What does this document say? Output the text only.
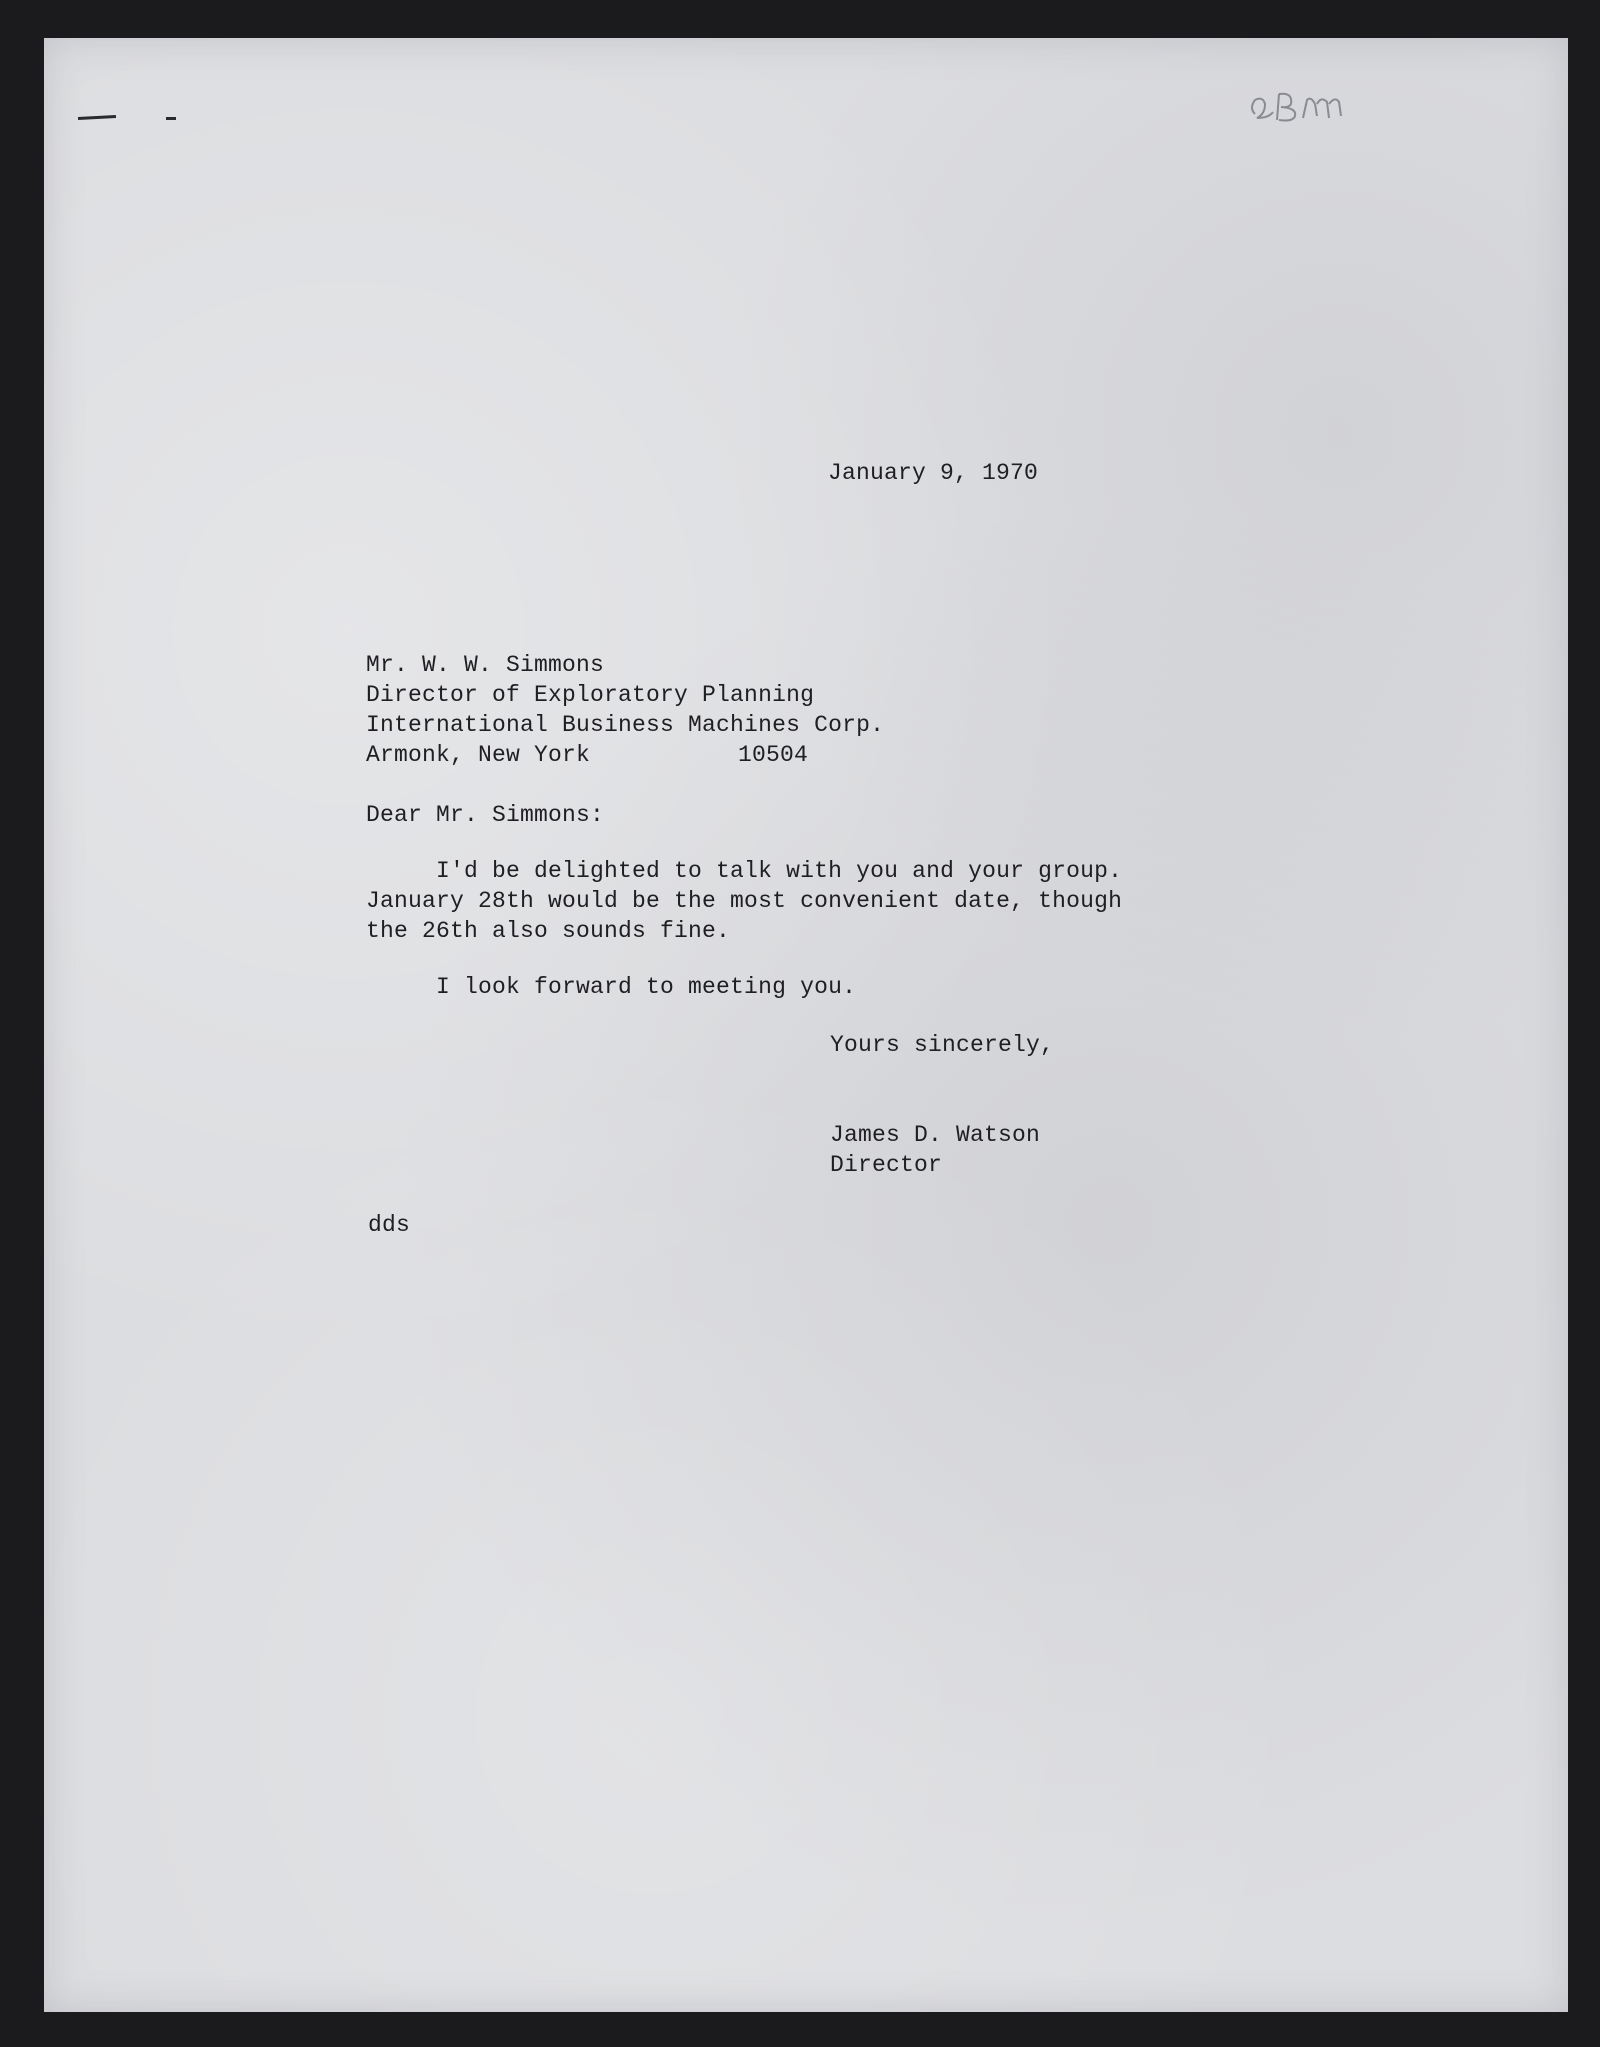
January 9, 1970

Mr. W. W. Simmons

Director of Exploratory Planning

International Business Machines Corp.

Armonk, New York	10504

Dear Mr. Simmons:

I'd be delighted to talk with you and your group.

January 28th would be the most convenient date, though

the 26th also sounds fine.

I look forward to meeting you.

Yours sincerely,

James D. Watson

Director

dds
